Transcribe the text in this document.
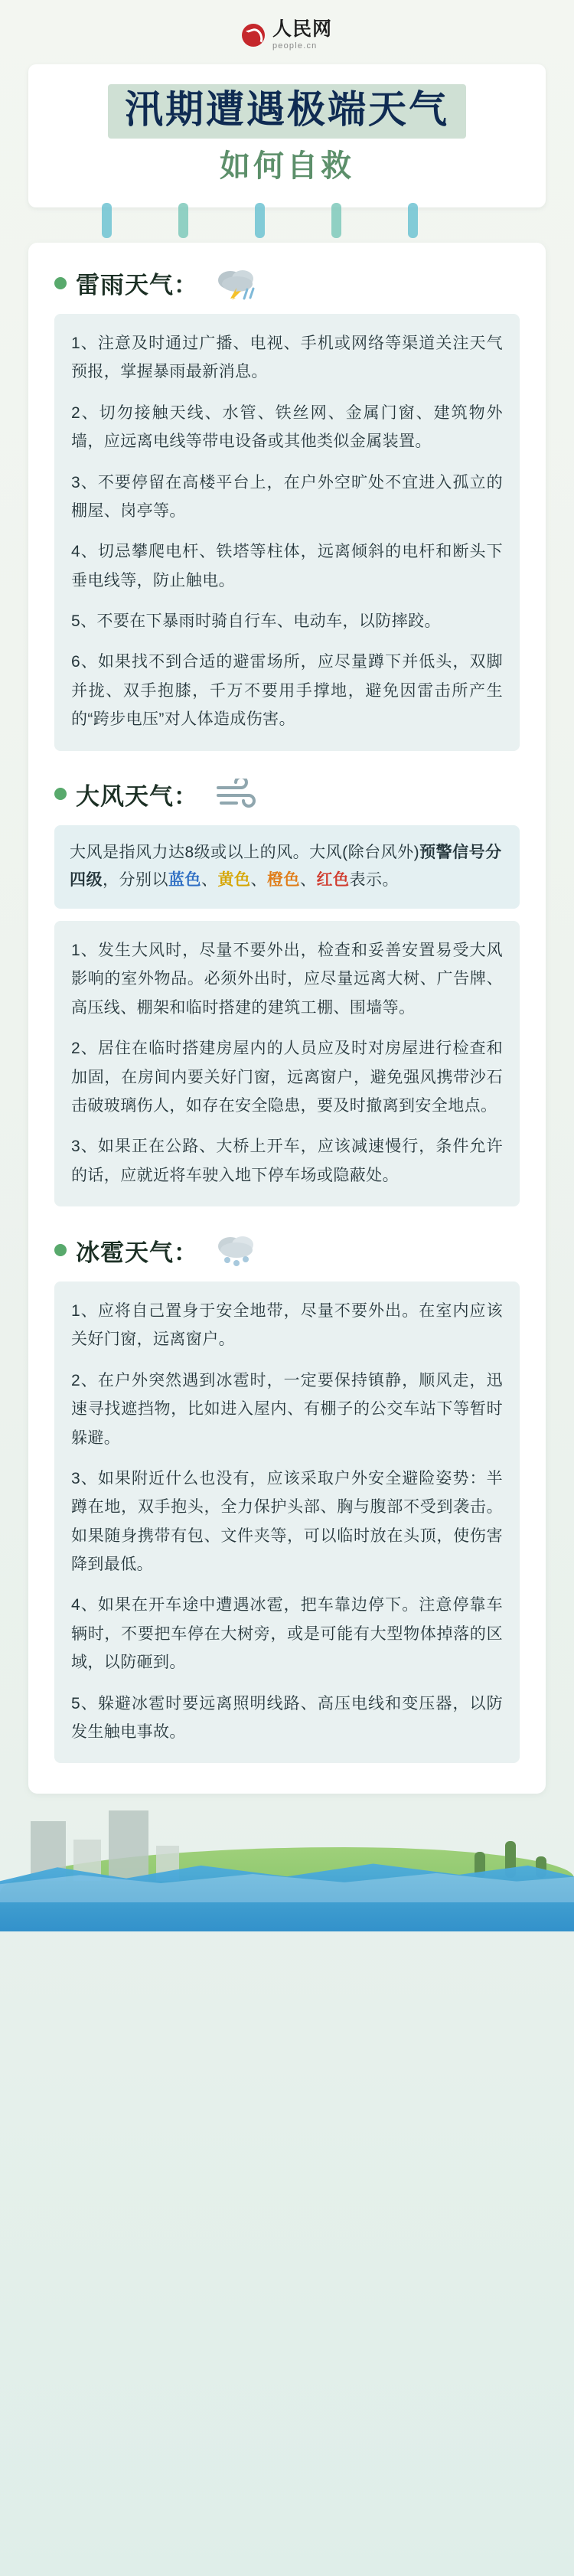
人民网
people.cn
汛期遭遇极端天气
如何自救
雷雨天气：

1、注意及时通过广播、电视、手机或网络等渠道关注天气预报，掌握暴雨最新消息。

2、切勿接触天线、水管、铁丝网、金属门窗、建筑物外墙，应远离电线等带电设备或其他类似金属装置。

3、不要停留在高楼平台上，在户外空旷处不宜进入孤立的棚屋、岗亭等。

4、切忌攀爬电杆、铁塔等柱体，远离倾斜的电杆和断头下垂电线等，防止触电。

5、不要在下暴雨时骑自行车、电动车，以防摔跤。

6、如果找不到合适的避雷场所，应尽量蹲下并低头，双脚并拢、双手抱膝，千万不要用手撑地，避免因雷击所产生的“跨步电压”对人体造成伤害。

大风天气：
大风是指风力达8级或以上的风。大风(除台风外)预警信号分四级，分别以蓝色、黄色、橙色、红色表示。

1、发生大风时，尽量不要外出，检查和妥善安置易受大风影响的室外物品。必须外出时，应尽量远离大树、广告牌、高压线、棚架和临时搭建的建筑工棚、围墙等。

2、居住在临时搭建房屋内的人员应及时对房屋进行检查和加固，在房间内要关好门窗，远离窗户，避免强风携带沙石击破玻璃伤人，如存在安全隐患，要及时撤离到安全地点。

3、如果正在公路、大桥上开车，应该减速慢行，条件允许的话，应就近将车驶入地下停车场或隐蔽处。

冰雹天气：

1、应将自己置身于安全地带，尽量不要外出。在室内应该关好门窗，远离窗户。

2、在户外突然遇到冰雹时，一定要保持镇静，顺风走，迅速寻找遮挡物，比如进入屋内、有棚子的公交车站下等暂时躲避。

3、如果附近什么也没有，应该采取户外安全避险姿势：半蹲在地，双手抱头，全力保护头部、胸与腹部不受到袭击。如果随身携带有包、文件夹等，可以临时放在头顶，使伤害降到最低。

4、如果在开车途中遭遇冰雹，把车靠边停下。注意停靠车辆时，不要把车停在大树旁，或是可能有大型物体掉落的区域，以防砸到。

5、躲避冰雹时要远离照明线路、高压电线和变压器，以防发生触电事故。
